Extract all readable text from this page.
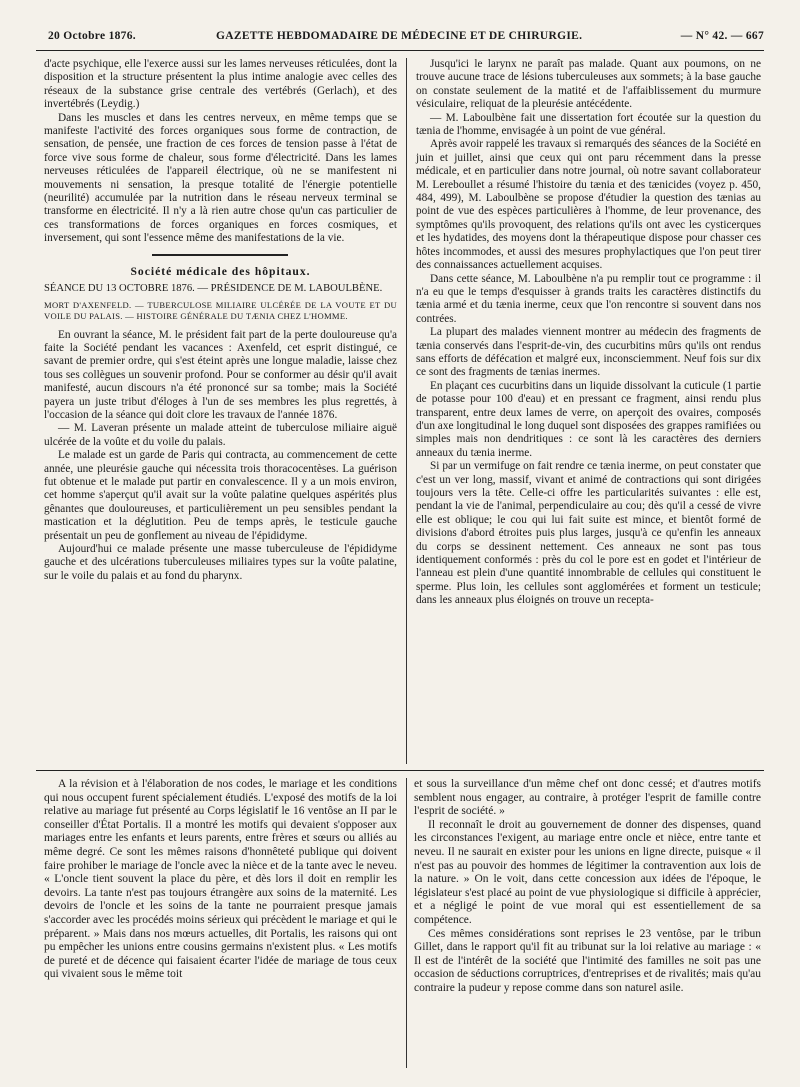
20 Octobre 1876.	GAZETTE HEBDOMADAIRE DE MÉDECINE ET DE CHIRURGIE.	— N° 42. — 667

d'acte psychique, elle l'exerce aussi sur les lames nerveuses réticulées, dont la disposition et la structure présentent la plus intime analogie avec celles des réseaux de la substance grise centrale des vertébrés (Gerlach), et des invertébrés (Leydig.)

Dans les muscles et dans les centres nerveux, en même temps que se manifeste l'activité des forces organiques sous forme de contraction, de sensation, de pensée, une fraction de ces forces de tension passe à l'état de force vive sous forme de chaleur, sous forme d'électricité. Dans les lames nerveuses réticulées de l'appareil électrique, où ne se manifestent ni mouvements ni sensation, la presque totalité de l'énergie potentielle (neurilité) accumulée par la nutrition dans le réseau nerveux terminal se transforme en électricité. Il n'y a là rien autre chose qu'un cas particulier de ces transformations de forces organiques en forces cosmiques, et inversement, qui sont l'essence même des manifestations de la vie.

Société médicale des hôpitaux.

SÉANCE DU 13 OCTOBRE 1876. — PRÉSIDENCE DE M. LABOULBÈNE.

MORT D'AXENFELD. — TUBERCULOSE MILIAIRE ULCÉRÉE DE LA VOUTE ET DU VOILE DU PALAIS. — HISTOIRE GÉNÉRALE DU TÆNIA CHEZ L'HOMME.

En ouvrant la séance, M. le président fait part de la perte douloureuse qu'a faite la Société pendant les vacances : Axenfeld, cet esprit distingué, ce savant de premier ordre, qui s'est éteint après une longue maladie, laisse chez tous ses collègues un souvenir profond. Pour se conformer au désir qu'il avait manifesté, aucun discours n'a été prononcé sur sa tombe; mais la Société payera un juste tribut d'éloges à l'un de ses membres les plus regrettés, à l'occasion de la séance qui doit clore les travaux de l'année 1876.

— M. Laveran présente un malade atteint de tuberculose miliaire aiguë ulcérée de la voûte et du voile du palais.

Le malade est un garde de Paris qui contracta, au commencement de cette année, une pleurésie gauche qui nécessita trois thoracocentèses. La guérison fut obtenue et le malade put partir en convalescence. Il y a un mois environ, cet homme s'aperçut qu'il avait sur la voûte palatine quelques aspérités plus gênantes que douloureuses, et particulièrement un peu sensibles pendant la mastication et la déglutition. Peu de temps après, le testicule gauche présentait un peu de gonflement au niveau de l'épididyme.

Aujourd'hui ce malade présente une masse tuberculeuse de l'épididyme gauche et des ulcérations tuberculeuses miliaires types sur la voûte palatine, sur le voile du palais et au fond du pharynx.

Jusqu'ici le larynx ne paraît pas malade. Quant aux poumons, on ne trouve aucune trace de lésions tuberculeuses aux sommets; à la base gauche on constate seulement de la matité et de l'affaiblissement du murmure vésiculaire, reliquat de la pleurésie antécédente.

— M. Laboulbène fait une dissertation fort écoutée sur la question du tænia de l'homme, envisagée à un point de vue général.

Après avoir rappelé les travaux si remarqués des séances de la Société en juin et juillet, ainsi que ceux qui ont paru récemment dans la presse médicale, et en particulier dans notre journal, où notre savant collaborateur M. Lereboullet a résumé l'histoire du tænia et des tænicides (voyez p. 450, 484, 499), M. Laboulbène se propose d'étudier la question des tænias au point de vue des espèces particulières à l'homme, de leur provenance, des symptômes qu'ils provoquent, des relations qu'ils ont avec les cysticerques et les hydatides, des moyens dont la thérapeutique dispose pour chasser ces hôtes incommodes, et aussi des mesures prophylactiques que l'on peut tirer des connaissances actuellement acquises.

Dans cette séance, M. Laboulbène n'a pu remplir tout ce programme : il n'a eu que le temps d'esquisser à grands traits les caractères distinctifs du tænia armé et du tænia inerme, ceux que l'on rencontre si souvent dans nos contrées.

La plupart des malades viennent montrer au médecin des fragments de tænia conservés dans l'esprit-de-vin, des cucurbitins mûrs qu'ils ont rendus sans efforts de défécation et malgré eux, inconsciemment. Neuf fois sur dix ce sont des fragments de tænias inermes.

En plaçant ces cucurbitins dans un liquide dissolvant la cuticule (1 partie de potasse pour 100 d'eau) et en pressant ce fragment, ainsi rendu plus transparent, entre deux lames de verre, on aperçoit des ovaires, composés d'un axe longitudinal le long duquel sont disposées des grappes ramifiées ou simples mais non dendritiques : ce sont là les caractères des derniers anneaux du tænia inerme.

Si par un vermifuge on fait rendre ce tænia inerme, on peut constater que c'est un ver long, massif, vivant et animé de contractions qui sont dirigées toujours vers la tête. Celle-ci offre les particularités suivantes : elle est, pendant la vie de l'animal, perpendiculaire au cou; dès qu'il a cessé de vivre elle est oblique; le cou qui lui fait suite est mince, et bientôt formé de divisions d'abord étroites puis plus larges, jusqu'à ce qu'enfin les anneaux du corps se dessinent nettement. Ces anneaux ne sont pas tous identiquement conformés : près du col le pore est en godet et l'intérieur de l'anneau est plein d'une quantité innombrable de cellules qui constituent le sperme. Plus loin, les cellules sont agglomérées et forment un testicule; dans les anneaux plus éloignés on trouve un recepta-

A la révision et à l'élaboration de nos codes, le mariage et les conditions qui nous occupent furent spécialement étudiés. L'exposé des motifs de la loi relative au mariage fut présenté au Corps législatif le 16 ventôse an II par le conseiller d'État Portalis. Il a montré les motifs qui devaient s'opposer aux mariages entre les enfants et leurs parents, entre frères et sœurs ou alliés au même degré. Ce sont les mêmes raisons d'honnêteté publique qui doivent faire prohiber le mariage de l'oncle avec la nièce et de la tante avec le neveu. « L'oncle tient souvent la place du père, et dès lors il doit en remplir les devoirs. La tante n'est pas toujours étrangère aux soins de la maternité. Les devoirs de l'oncle et les soins de la tante ne pourraient presque jamais s'accorder avec les procédés moins sérieux qui précèdent le mariage et qui le préparent. » Mais dans nos mœurs actuelles, dit Portalis, les raisons qui ont pu empêcher les unions entre cousins germains n'existent plus. « Les motifs de pureté et de décence qui faisaient écarter l'idée de mariage de tous ceux qui vivaient sous le même toit

et sous la surveillance d'un même chef ont donc cessé; et d'autres motifs semblent nous engager, au contraire, à protéger l'esprit de famille contre l'esprit de société. »

Il reconnaît le droit au gouvernement de donner des dispenses, quand les circonstances l'exigent, au mariage entre oncle et nièce, entre tante et neveu. Il ne saurait en exister pour les unions en ligne directe, puisque « il n'est pas au pouvoir des hommes de légitimer la contravention aux lois de la nature. » On le voit, dans cette concession aux idées de l'époque, le législateur s'est placé au point de vue physiologique si difficile à apprécier, et a négligé le point de vue moral qui est essentiellement de sa compétence.

Ces mêmes considérations sont reprises le 23 ventôse, par le tribun Gillet, dans le rapport qu'il fit au tribunat sur la loi relative au mariage : « Il est de l'intérêt de la société que l'intimité des familles ne soit pas une occasion de séductions corruptrices, d'entreprises et de rivalités; mais qu'au contraire la pudeur y repose comme dans son naturel asile.
